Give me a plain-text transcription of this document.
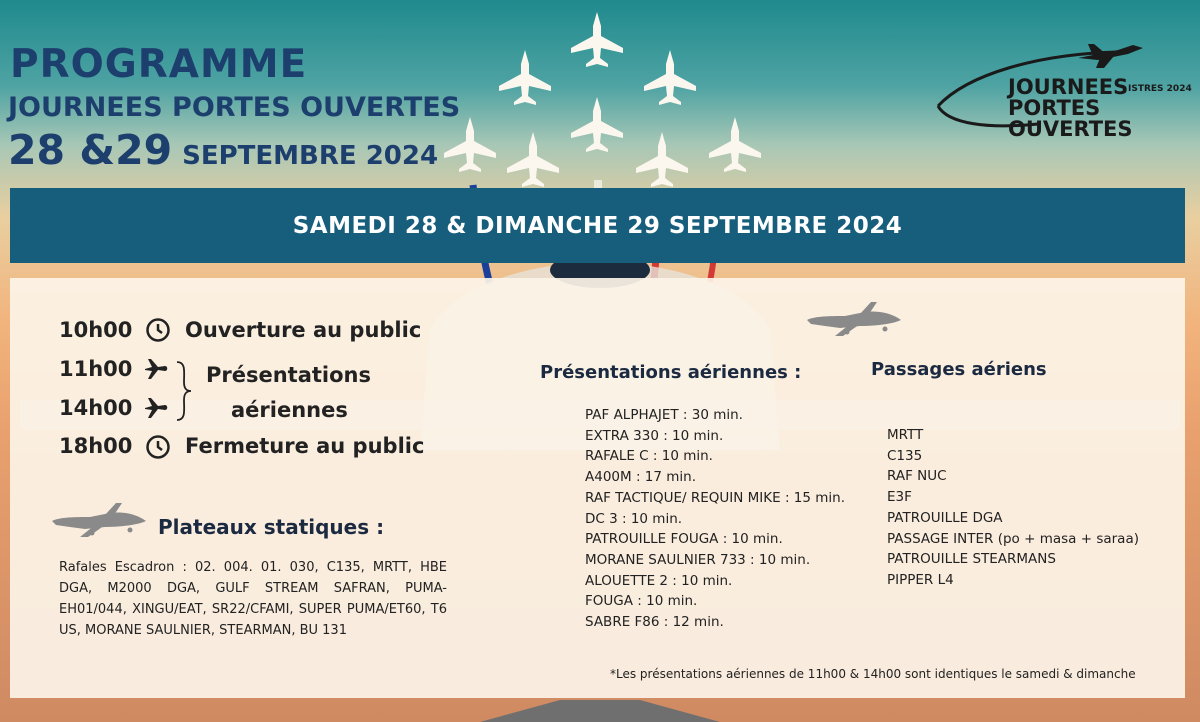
PROGRAMME
JOURNEES PORTES OUVERTES
28 &29 SEPTEMBRE 2024
JOURNEES
PORTES OUVERTES
ISTRES 2024
SAMEDI 28 & DIMANCHE 29 SEPTEMBRE 2024
10h00	Ouverture au public
11h00
14h00
Présentations
aériennes
18h00	Fermeture au public
Plateaux statiques :
Rafales Escadron : 02. 004. 01. 030, C135, MRTT, HBE DGA, M2000 DGA, GULF STREAM SAFRAN, PUMA-EH01/044, XINGU/EAT, SR22/CFAMI, SUPER PUMA/ET60, T6 US, MORANE SAULNIER, STEARMAN, BU 131
Présentations aériennes :
PAF ALPHAJET : 30 min.
EXTRA 330 : 10 min.
RAFALE C : 10 min.
A400M : 17 min.
RAF TACTIQUE/ REQUIN MIKE : 15 min.
DC 3 : 10 min.
PATROUILLE FOUGA : 10 min.
MORANE SAULNIER 733 : 10 min.
ALOUETTE 2 : 10 min.
FOUGA : 10 min.
SABRE F86 : 12 min.
Passages aériens
MRTT
C135
RAF NUC
E3F
PATROUILLE DGA
PASSAGE INTER (po + masa + saraa)
PATROUILLE STEARMANS
PIPPER L4
*Les présentations aériennes de 11h00 & 14h00 sont identiques le samedi & dimanche
